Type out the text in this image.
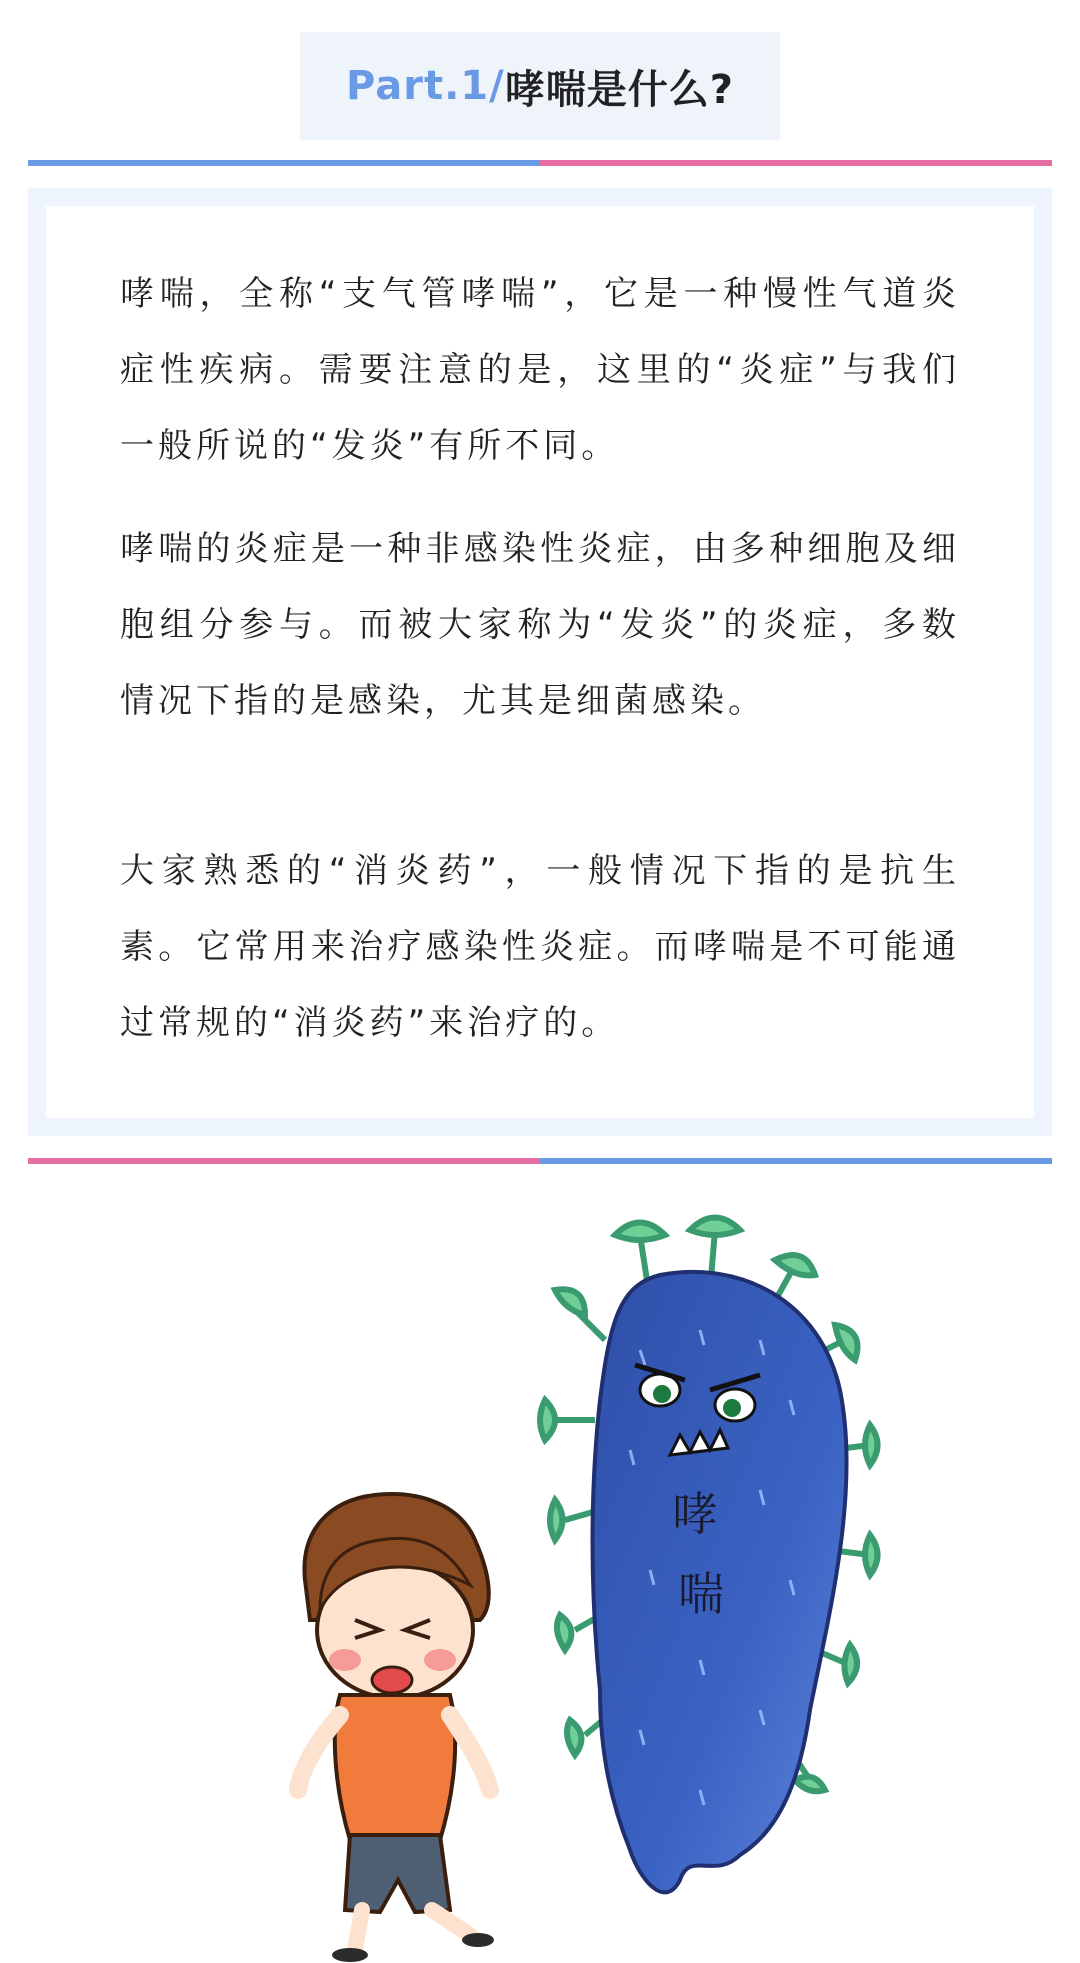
Part.1/ 哮喘是什么?

哮喘，全称“支气管哮喘”，它是一种慢性气道炎症性疾病。需要注意的是，这里的“炎症”与我们一般所说的“发炎”有所不同。

哮喘的炎症是一种非感染性炎症，由多种细胞及细胞组分参与。而被大家称为“发炎”的炎症，多数情况下指的是感染，尤其是细菌感染。

大家熟悉的“消炎药”，一般情况下指的是抗生素。它常用来治疗感染性炎症。而哮喘是不可能通过常规的“消炎药”来治疗的。

哮
喘
